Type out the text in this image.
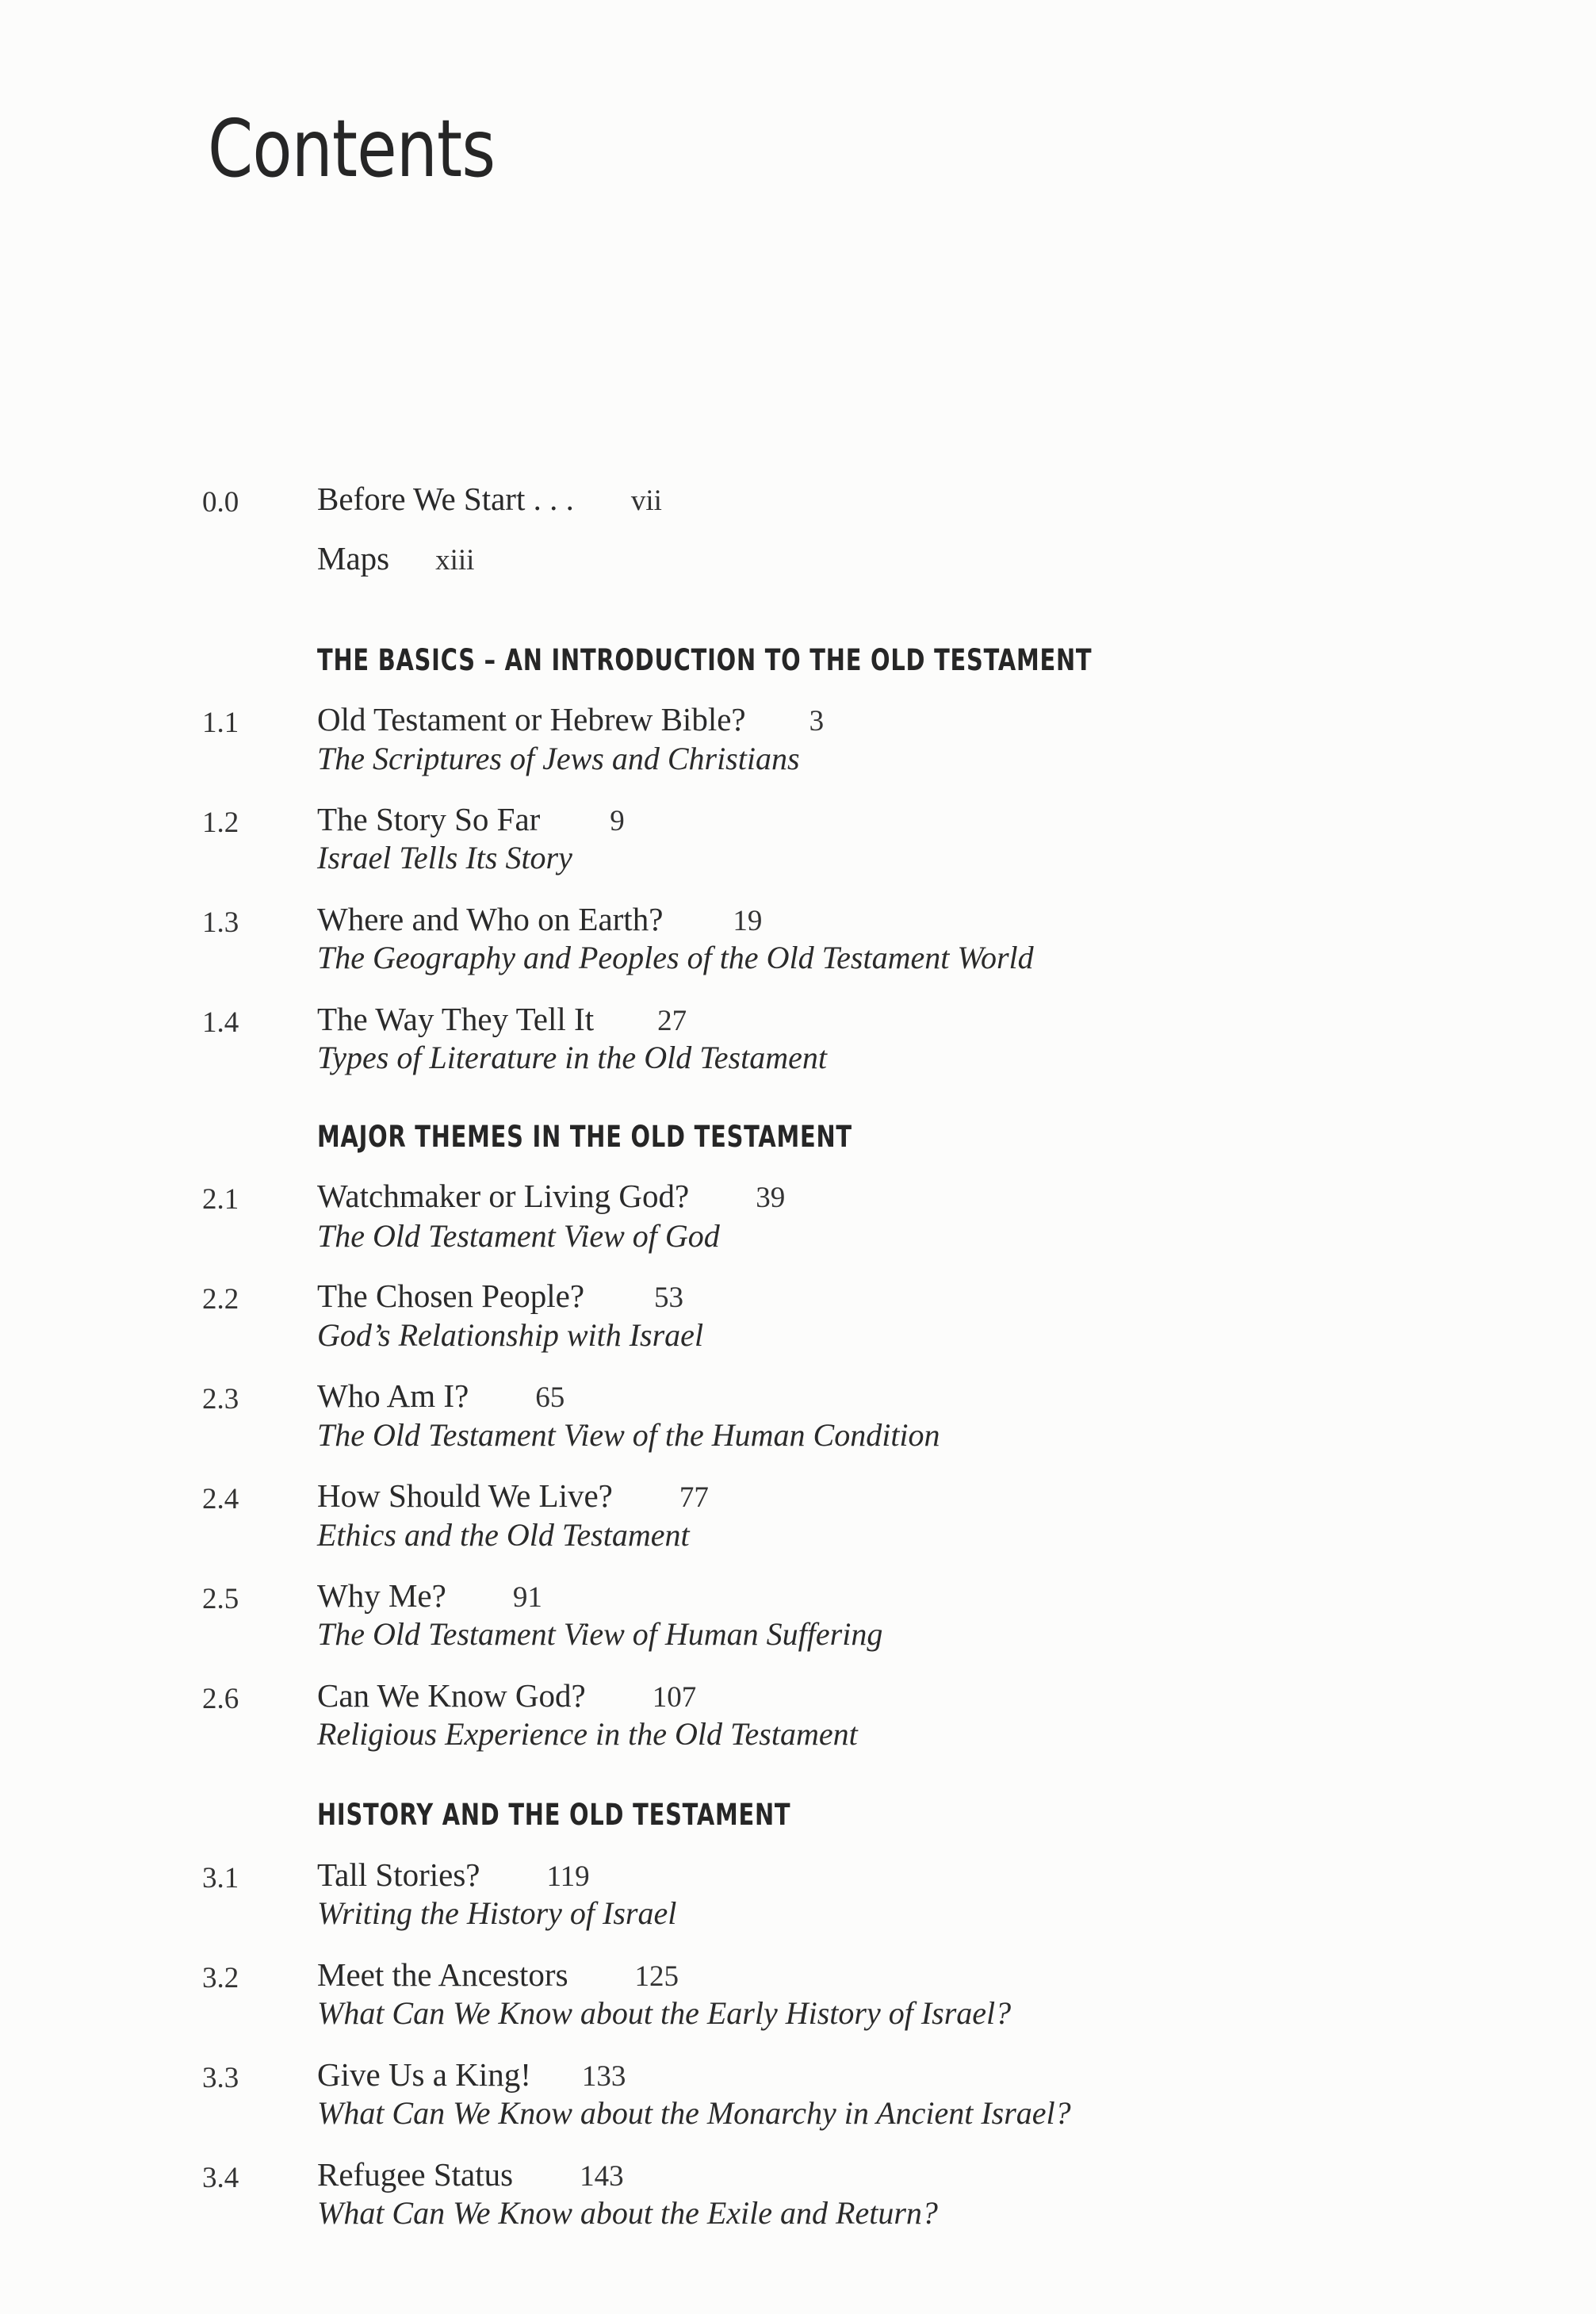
Contents
0.0 Before We Start . . . vii
Maps xiii
THE BASICS – AN INTRODUCTION TO THE OLD TESTAMENT
1.1 Old Testament or Hebrew Bible? 3
The Scriptures of Jews and Christians
1.2 The Story So Far 9
Israel Tells Its Story
1.3 Where and Who on Earth? 19
The Geography and Peoples of the Old Testament World
1.4 The Way They Tell It 27
Types of Literature in the Old Testament
MAJOR THEMES IN THE OLD TESTAMENT
2.1 Watchmaker or Living God? 39
The Old Testament View of God
2.2 The Chosen People? 53
God’s Relationship with Israel
2.3 Who Am I? 65
The Old Testament View of the Human Condition
2.4 How Should We Live? 77
Ethics and the Old Testament
2.5 Why Me? 91
The Old Testament View of Human Suffering
2.6 Can We Know God? 107
Religious Experience in the Old Testament
HISTORY AND THE OLD TESTAMENT
3.1 Tall Stories? 119
Writing the History of Israel
3.2 Meet the Ancestors 125
What Can We Know about the Early History of Israel?
3.3 Give Us a King! 133
What Can We Know about the Monarchy in Ancient Israel?
3.4 Refugee Status 143
What Can We Know about the Exile and Return?
